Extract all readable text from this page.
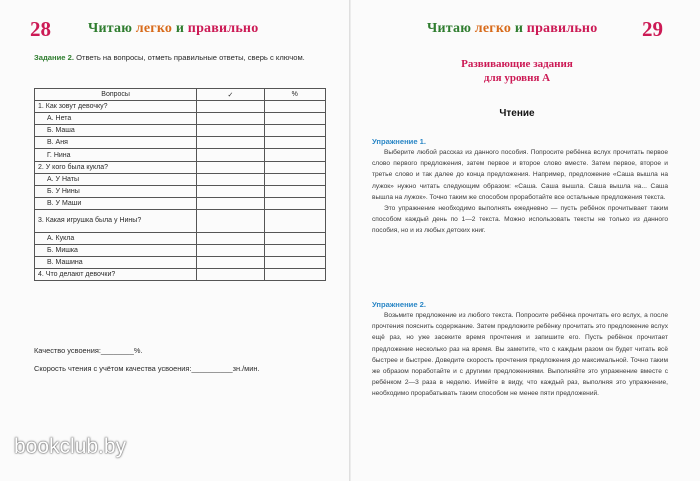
28	Читаю легко и правильно
Задание 2. Ответь на вопросы, отметь правильные ответы, сверь с ключом.
Вопросы	✓	%
1. Как зовут девочку?		
А. Нета		
Б. Маша		
В. Аня		
Г. Нина		
2. У кого была кукла?		
А. У Наты		
Б. У Нины		
В. У Маши		
3. Какая игрушка была у Нины?		
А. Кукла		
Б. Мишка		
В. Машина		
4. Что делают девочки?		
Качество усвоения:________%.
Скорость чтения с учётом качества усвоения:__________зн./мин.
bookclub.by
Читаю легко и правильно 29
Развивающие задания
для уровня А
Чтение
Упражнение 1.

Выберите любой рассказ из данного пособия. Попросите ребёнка вслух прочитать первое слово первого предложения, затем первое и второе слово вместе. Затем первое, второе и третье слово и так далее до конца предложения. Например, предложение «Саша вышла на лужок» нужно читать следующим образом: «Саша. Саша вышла. Саша вышла на... Саша вышла на лужок». Точно таким же способом проработайте все остальные предложения текста.

Это упражнение необходимо выполнять ежедневно — пусть ребёнок прочитывает таким способом каждый день по 1—2 текста. Можно использовать тексты не только из данного пособия, но и из любых детских книг.

Упражнение 2.

Возьмите предложение из любого текста. Попросите ребёнка прочитать его вслух, а после прочтения пояснить содержание. Затем предложите ребёнку прочитать это предложение вслух ещё раз, но уже засеките время прочтения и запишите его. Пусть ребёнок прочитает предложение несколько раз на время. Вы заметите, что с каждым разом он будет читать всё быстрее и быстрее. Доведите скорость прочтения предложения до максимальной. Точно таким же образом поработайте и с другими предложениями. Выполняйте это упражнение вместе с ребёнком 2—3 раза в неделю. Имейте в виду, что каждый раз, выполняя это упражнение, необходимо прорабатывать таким способом не менее пяти предложений.
